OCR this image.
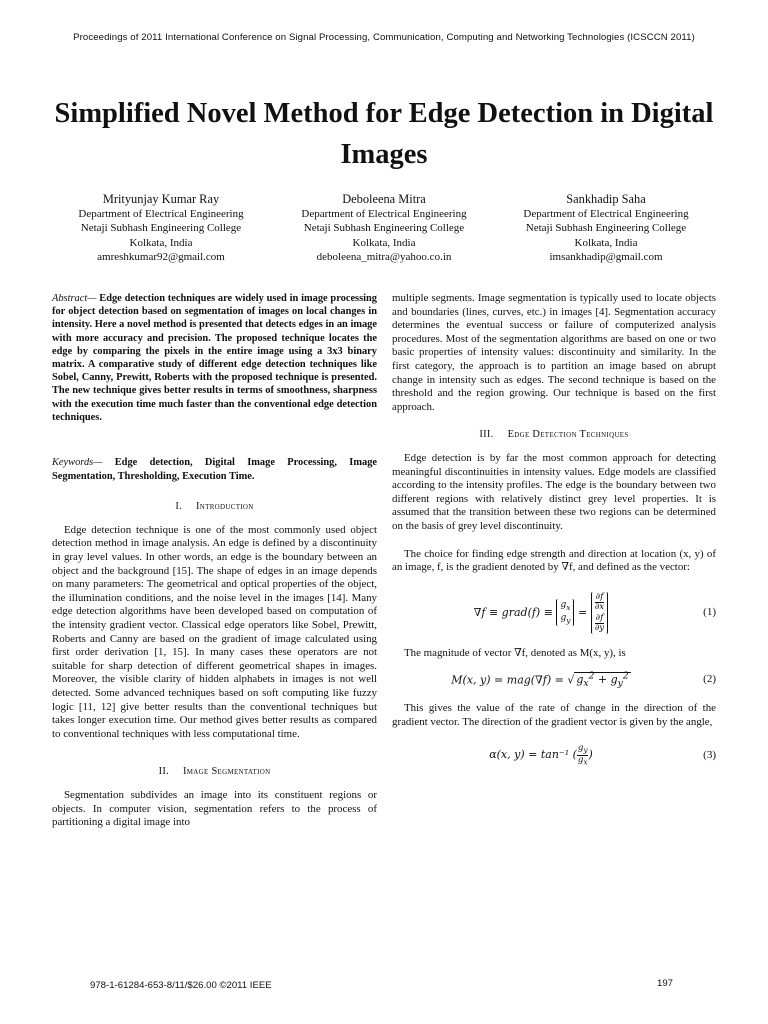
Proceedings of 2011 International Conference on Signal Processing, Communication, Computing and Networking Technologies (ICSCCN 2011)
Simplified Novel Method for Edge Detection in Digital Images
Mrityunjay Kumar Ray
Department of Electrical Engineering
Netaji Subhash Engineering College
Kolkata, India
amreshkumar92@gmail.com
Deboleena Mitra
Department of Electrical Engineering
Netaji Subhash Engineering College
Kolkata, India
deboleena_mitra@yahoo.co.in
Sankhadip Saha
Department of Electrical Engineering
Netaji Subhash Engineering College
Kolkata, India
imsankhadip@gmail.com
Abstract— Edge detection techniques are widely used in image processing for object detection based on segmentation of images on local changes in intensity. Here a novel method is presented that detects edges in an image with more accuracy and precision. The proposed technique locates the edge by comparing the pixels in the entire image using a 3x3 binary matrix. A comparative study of different edge detection techniques like Sobel, Canny, Prewitt, Roberts with the proposed technique is presented. The new technique gives better results in terms of smoothness, sharpness with the execution time much faster than the conventional edge detection techniques.
Keywords— Edge detection, Digital Image Processing, Image Segmentation, Thresholding, Execution Time.
I. Introduction

Edge detection technique is one of the most commonly used object detection method in image analysis. An edge is defined by a discontinuity in gray level values. In other words, an edge is the boundary between an object and the background [15]. The shape of edges in an image depends on many parameters: The geometrical and optical properties of the object, the illumination conditions, and the noise level in the images [14]. Many edge detection algorithms have been developed based on computation of the intensity gradient vector. Classical edge operators like Sobel, Prewitt, Roberts and Canny are based on the gradient of image calculated using first order derivation [1, 15]. In many cases these operators are not suitable for sharp detection of different geometrical shapes in images. Moreover, the visible clarity of hidden alphabets in images is not well detected. Some advanced techniques based on soft computing like fuzzy logic [11, 12] give better results than the conventional techniques but takes longer execution time. Our method gives better results as compared to conventional techniques with less computational time.

II. Image Segmentation

Segmentation subdivides an image into its constituent regions or objects. In computer vision, segmentation refers to the process of partitioning a digital image into

multiple segments. Image segmentation is typically used to locate objects and boundaries (lines, curves, etc.) in images [4]. Segmentation accuracy determines the eventual success or failure of computerized analysis procedures. Most of the segmentation algorithms are based on one or two basic properties of intensity values: discontinuity and similarity. In the first category, the approach is to partition an image based on abrupt change in intensity such as edges. The second technique is based on the threshold and the region growing. Our technique is based on the first approach.

III. Edge Detection Techniques

Edge detection is by far the most common approach for detecting meaningful discontinuities in intensity values. Edge models are classified according to the intensity profiles. The edge is the boundary between two different regions with relatively distinct grey level properties. It is assumed that the transition between these two regions can be determined on the basis of grey level discontinuity.

The choice for finding edge strength and direction at location (x, y) of an image, f, is the gradient denoted by ∇f, and defined as the vector:

∇f ≡ grad(f) ≡
$g_x$
$g_y$
=
$\frac{\partial f}{\partial x}$
$\frac{\partial f}{\partial y}$
(1)

The magnitude of vector ∇f, denoted as M(x, y), is

M(x, y) = mag(∇f) = √ $g_x^2 + g_y^2$	(2)

This gives the value of the rate of change in the direction of the gradient vector. The direction of the gradient vector is given by the angle,

α(x, y) = tan⁻¹ ( $\frac{g_y}{g_x}$ )	(3)
978-1-61284-653-8/11/$26.00 ©2011 IEEE	197
